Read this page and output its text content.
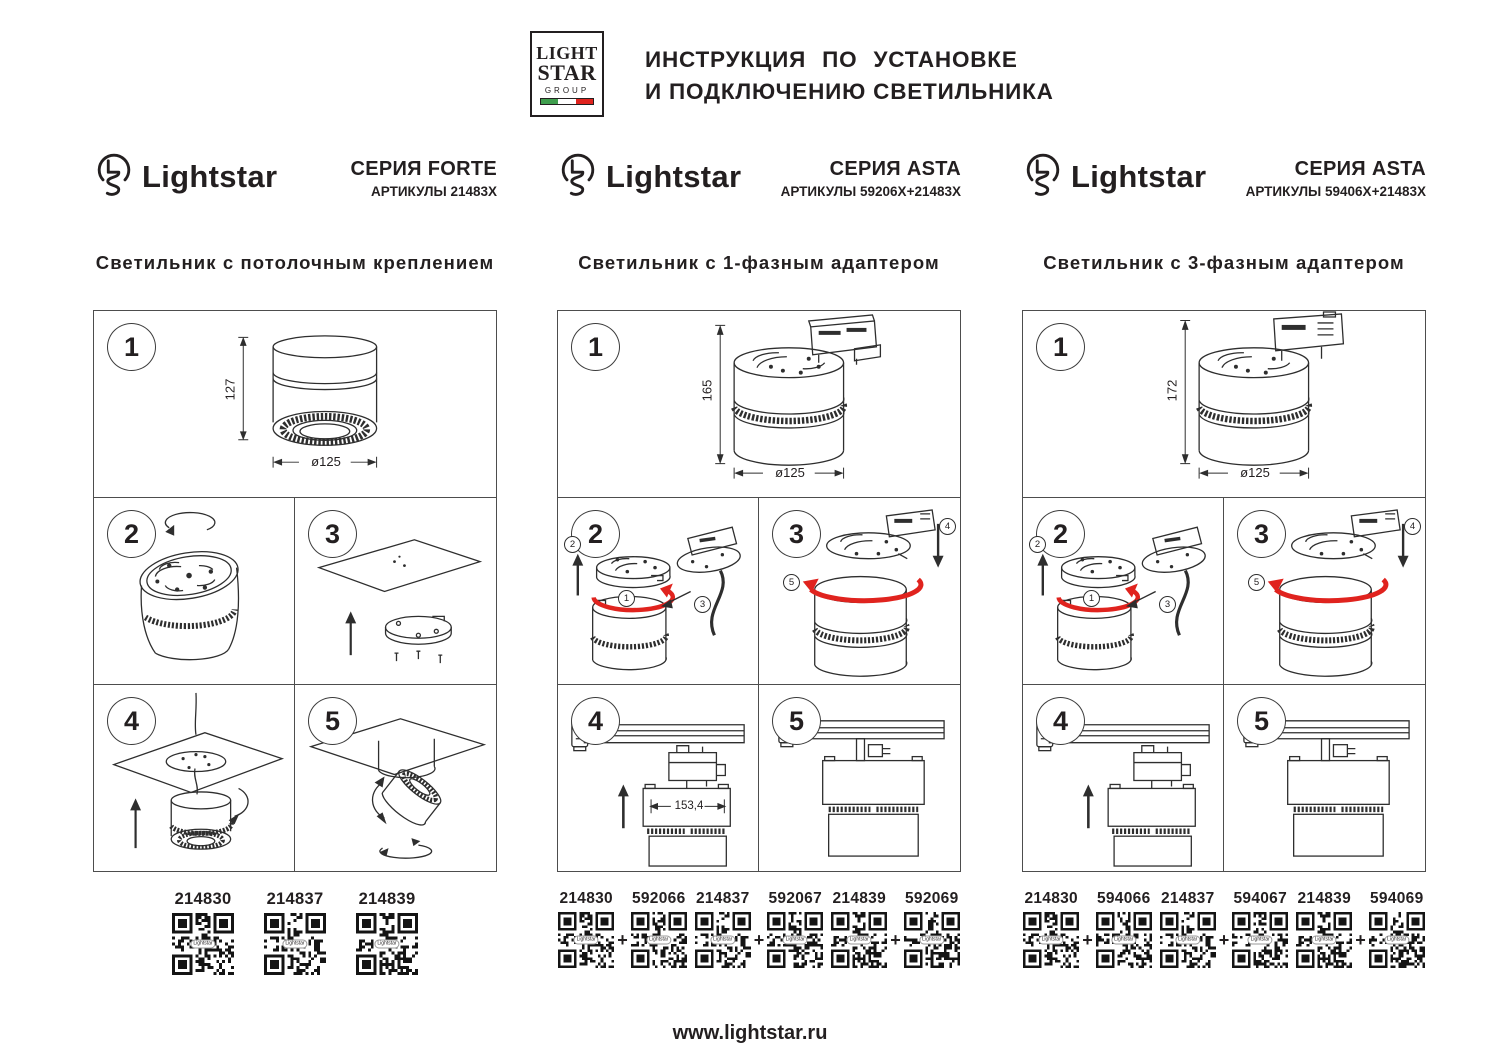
LIGHT
STAR
GROUP
ИНСТРУКЦИЯ ПО УСТАНОВКЕ
И ПОДКЛЮЧЕНИЮ СВЕТИЛЬНИКА
Lightstar	СЕРИЯ FORTE
АРТИКУЛЫ 21483X
Светильник с потолочным креплением
1
127
ø125
2	3
4	5
214830
Lightstar
214837
Lightstar
214839
Lightstar
Lightstar	СЕРИЯ ASTA
АРТИКУЛЫ 59206X+21483X
Светильник с 1-фазным адаптером
1
165
ø125
2
2
1
3
3
5
4
4
153,4
5
214830
Lightstar +
592066
Lightstar
214837
Lightstar +
592067
Lightstar
214839
Lightstar +
592069
Lightstar
Lightstar	СЕРИЯ ASTA
АРТИКУЛЫ 59406X+21483X
Светильник с 3-фазным адаптером
1
172
ø125
2
2
1
3
3
5
4
4	5
214830
Lightstar +
594066
Lightstar
214837
Lightstar +
594067
Lightstar
214839
Lightstar +
594069
Lightstar
www.lightstar.ru
